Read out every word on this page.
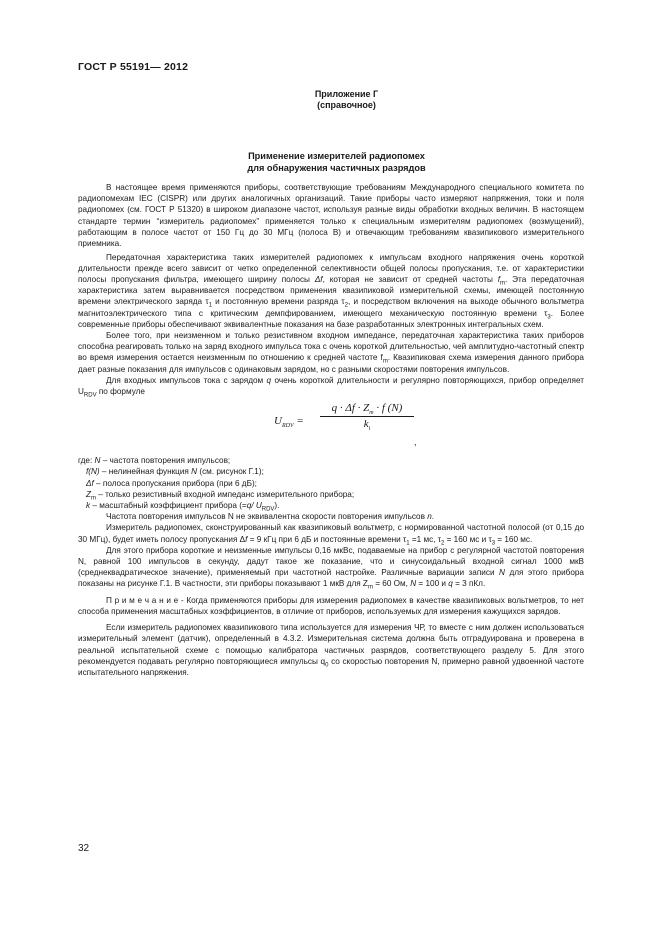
ГОСТ Р 55191— 2012
Приложение Г
(справочное)
Применение измерителей радиопомех
для обнаружения частичных разрядов

В настоящее время применяются приборы, соответствующие требованиям Международного специального комитета по радиопомехам IEC (CISPR) или других аналогичных организаций. Такие приборы часто измеряют напряжения, токи и поля радиопомех (см. ГОСТ Р 51320) в широком диапазоне частот, используя разные виды обработки входных величин. В настоящем стандарте термин “измеритель радиопомех” применяется только к специальным измерителям радиопомех (возмущений), работающим в полосе частот от 150 Гц до 30 МГц (полоса В) и отвечающим требованиям квазипикового измерительного приемника.

Передаточная характеристика таких измерителей радиопомех к импульсам входного напряжения очень короткой длительности прежде всего зависит от четко определенной селективности общей полосы пропускания, т.е. от характеристики полосы пропускания фильтра, имеющего ширину полосы Δf, которая не зависит от средней частоты $f_m$. Эта передаточная характеристика затем выравнивается посредством применения квазипиковой измерительной схемы, имеющей постоянную времени электрического заряда $\tau_1$ и постоянную времени разряда $\tau_2$, и посредством включения на выходе обычного вольтметра магнитоэлектрического типа с критическим демпфированием, имеющего механическую постоянную времени $\tau_3$. Более современные приборы обеспечивают эквивалентные показания на базе разработанных электронных интегральных схем.

Более того, при неизменном и только резистивном входном импедансе, передаточная характеристика таких приборов способна реагировать только на заряд входного импульса тока с очень короткой длительностью, чей амплитудно-частотный спектр во время измерения остается неизменным по отношению к средней частоте $f_m$. Квазипиковая схема измерения данного прибора дает разные показания для импульсов с одинаковым зарядом, но с разными скоростями повторения импульсов.

Для входных импульсов тока с зарядом q очень короткой длительности и регулярно повторяющихся, прибор определяет $U_{RDV}$ по формуле

$U_{RDV}$ =
$q \cdot \Delta f \cdot Z_m \cdot f$ (N)
$k_i$
,

где: N – частота повторения импульсов;

f(N) – нелинейная функция N (см. рисунок Г.1);

Δf – полоса пропускания прибора (при 6 дБ);

$Z_m$ – только резистивный входной импеданс измерительного прибора;

k – масштабный коэффициент прибора (=q/ $U_{RDV}$).

Частота повторения импульсов N не эквивалентна скорости повторения импульсов n.

Измеритель радиопомех, сконструированный как квазипиковый вольтметр, с нормированной частотной полосой (от 0,15 до 30 МГц), будет иметь полосу пропускания Δf = 9 кГц при 6 дБ и постоянные времени $\tau_1 =1$ мс, $\tau_2 = 160$ мс и $\tau_3 = 160$ мс.

Для этого прибора короткие и неизменные импульсы 0,16 мкВс, подаваемые на прибор с регулярной частотой повторения N, равной 100 импульсов в секунду, дадут такое же показание, что и синусоидальный входной сигнал 1000 мкВ (среднеквадратическое значение), применяемый при частотной настройке. Различные вариации записи N для этого прибора показаны на рисунке Г.1. В частности, эти приборы показывают 1 мкВ для $Z_m = 60$ Ом, N = 100 и q = 3 пКл.

П р и м е ч а н и е - Когда применяются приборы для измерения радиопомех в качестве квазипиковых вольтметров, то нет способа применения масштабных коэффициентов, в отличие от приборов, используемых для измерения кажущихся зарядов.

Если измеритель радиопомех квазипикового типа используется для измерения ЧР, то вместе с ним должен использоваться измерительный элемент (датчик), определенный в 4.3.2. Измерительная система должна быть отградуирована и проверена в реальной испытательной схеме с помощью калибратора частичных разрядов, соответствующего разделу 5. Для этого рекомендуется подавать регулярно повторяющиеся импульсы $q_0$ со скоростью повторения N, примерно равной удвоенной частоте испытательного напряжения.

32
